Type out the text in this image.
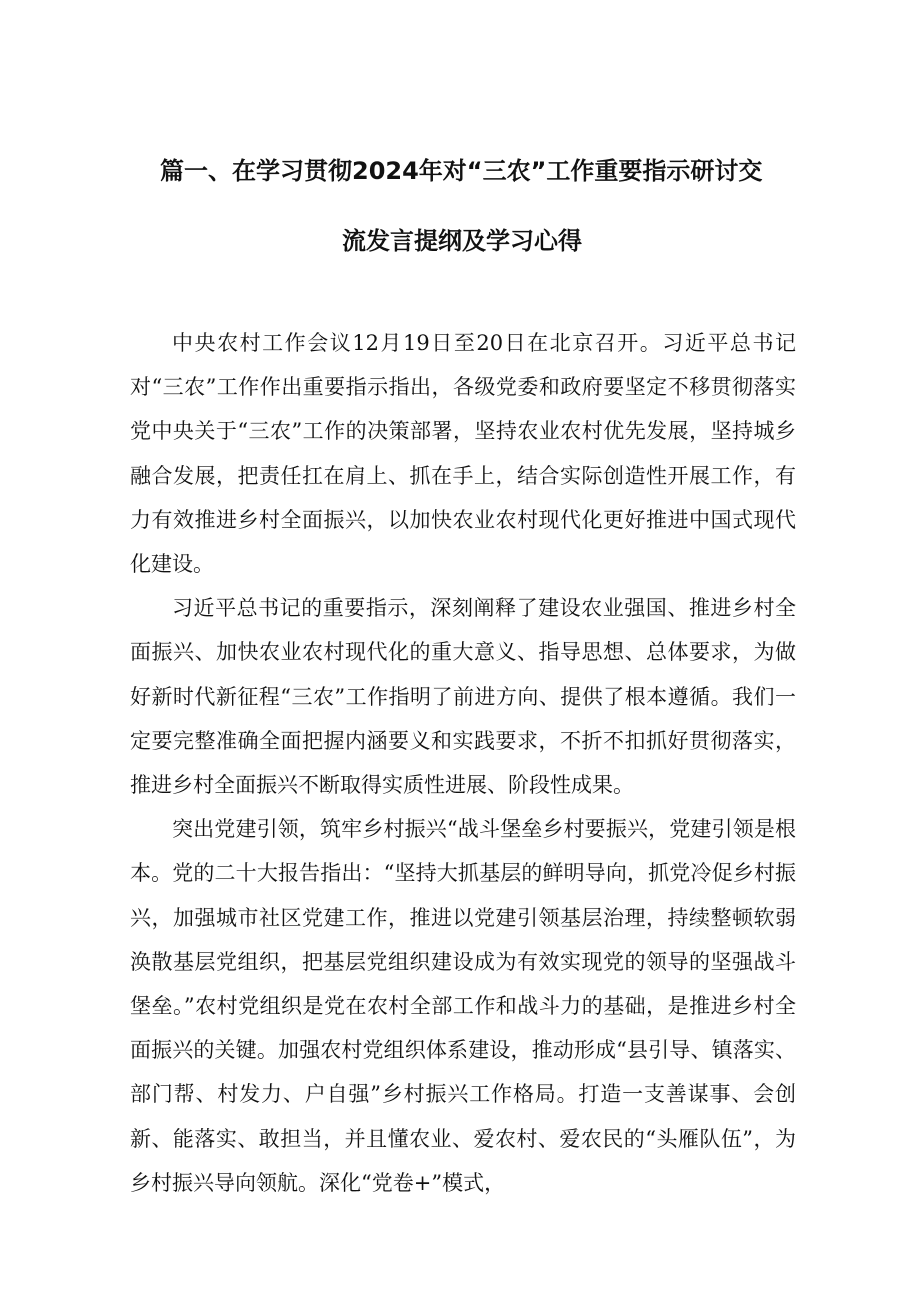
篇一、在学习贯彻2024年对“三农”工作重要指示研讨交
流发言提纲及学习心得

中央农村工作会议12月19日至20日在北京召开。习近平总书记对“三农”工作作出重要指示指出，各级党委和政府要坚定不移贯彻落实党中央关于“三农”工作的决策部署，坚持农业农村优先发展，坚持城乡融合发展，把责任扛在肩上、抓在手上，结合实际创造性开展工作，有力有效推进乡村全面振兴，以加快农业农村现代化更好推进中国式现代化建设。

习近平总书记的重要指示，深刻阐释了建设农业强国、推进乡村全面振兴、加快农业农村现代化的重大意义、指导思想、总体要求，为做好新时代新征程“三农”工作指明了前进方向、提供了根本遵循。我们一定要完整准确全面把握内涵要义和实践要求，不折不扣抓好贯彻落实，推进乡村全面振兴不断取得实质性进展、阶段性成果。

突出党建引领，筑牢乡村振兴“战斗堡垒乡村要振兴，党建引领是根本。党的二十大报告指出：“坚持大抓基层的鲜明导向，抓党冷促乡村振兴，加强城市社区党建工作，推进以党建引领基层治理，持续整顿软弱涣散基层党组织，把基层党组织建设成为有效实现党的领导的坚强战斗堡垒。”农村党组织是党在农村全部工作和战斗力的基础，是推进乡村全面振兴的关键。加强农村党组织体系建设，推动形成“县引导、镇落实、部门帮、村发力、户自强”乡村振兴工作格局。打造一支善谋事、会创新、能落实、敢担当，并且懂农业、爱农村、爱农民的“头雁队伍”，为乡村振兴导向领航。深化“党卷+”模式，
